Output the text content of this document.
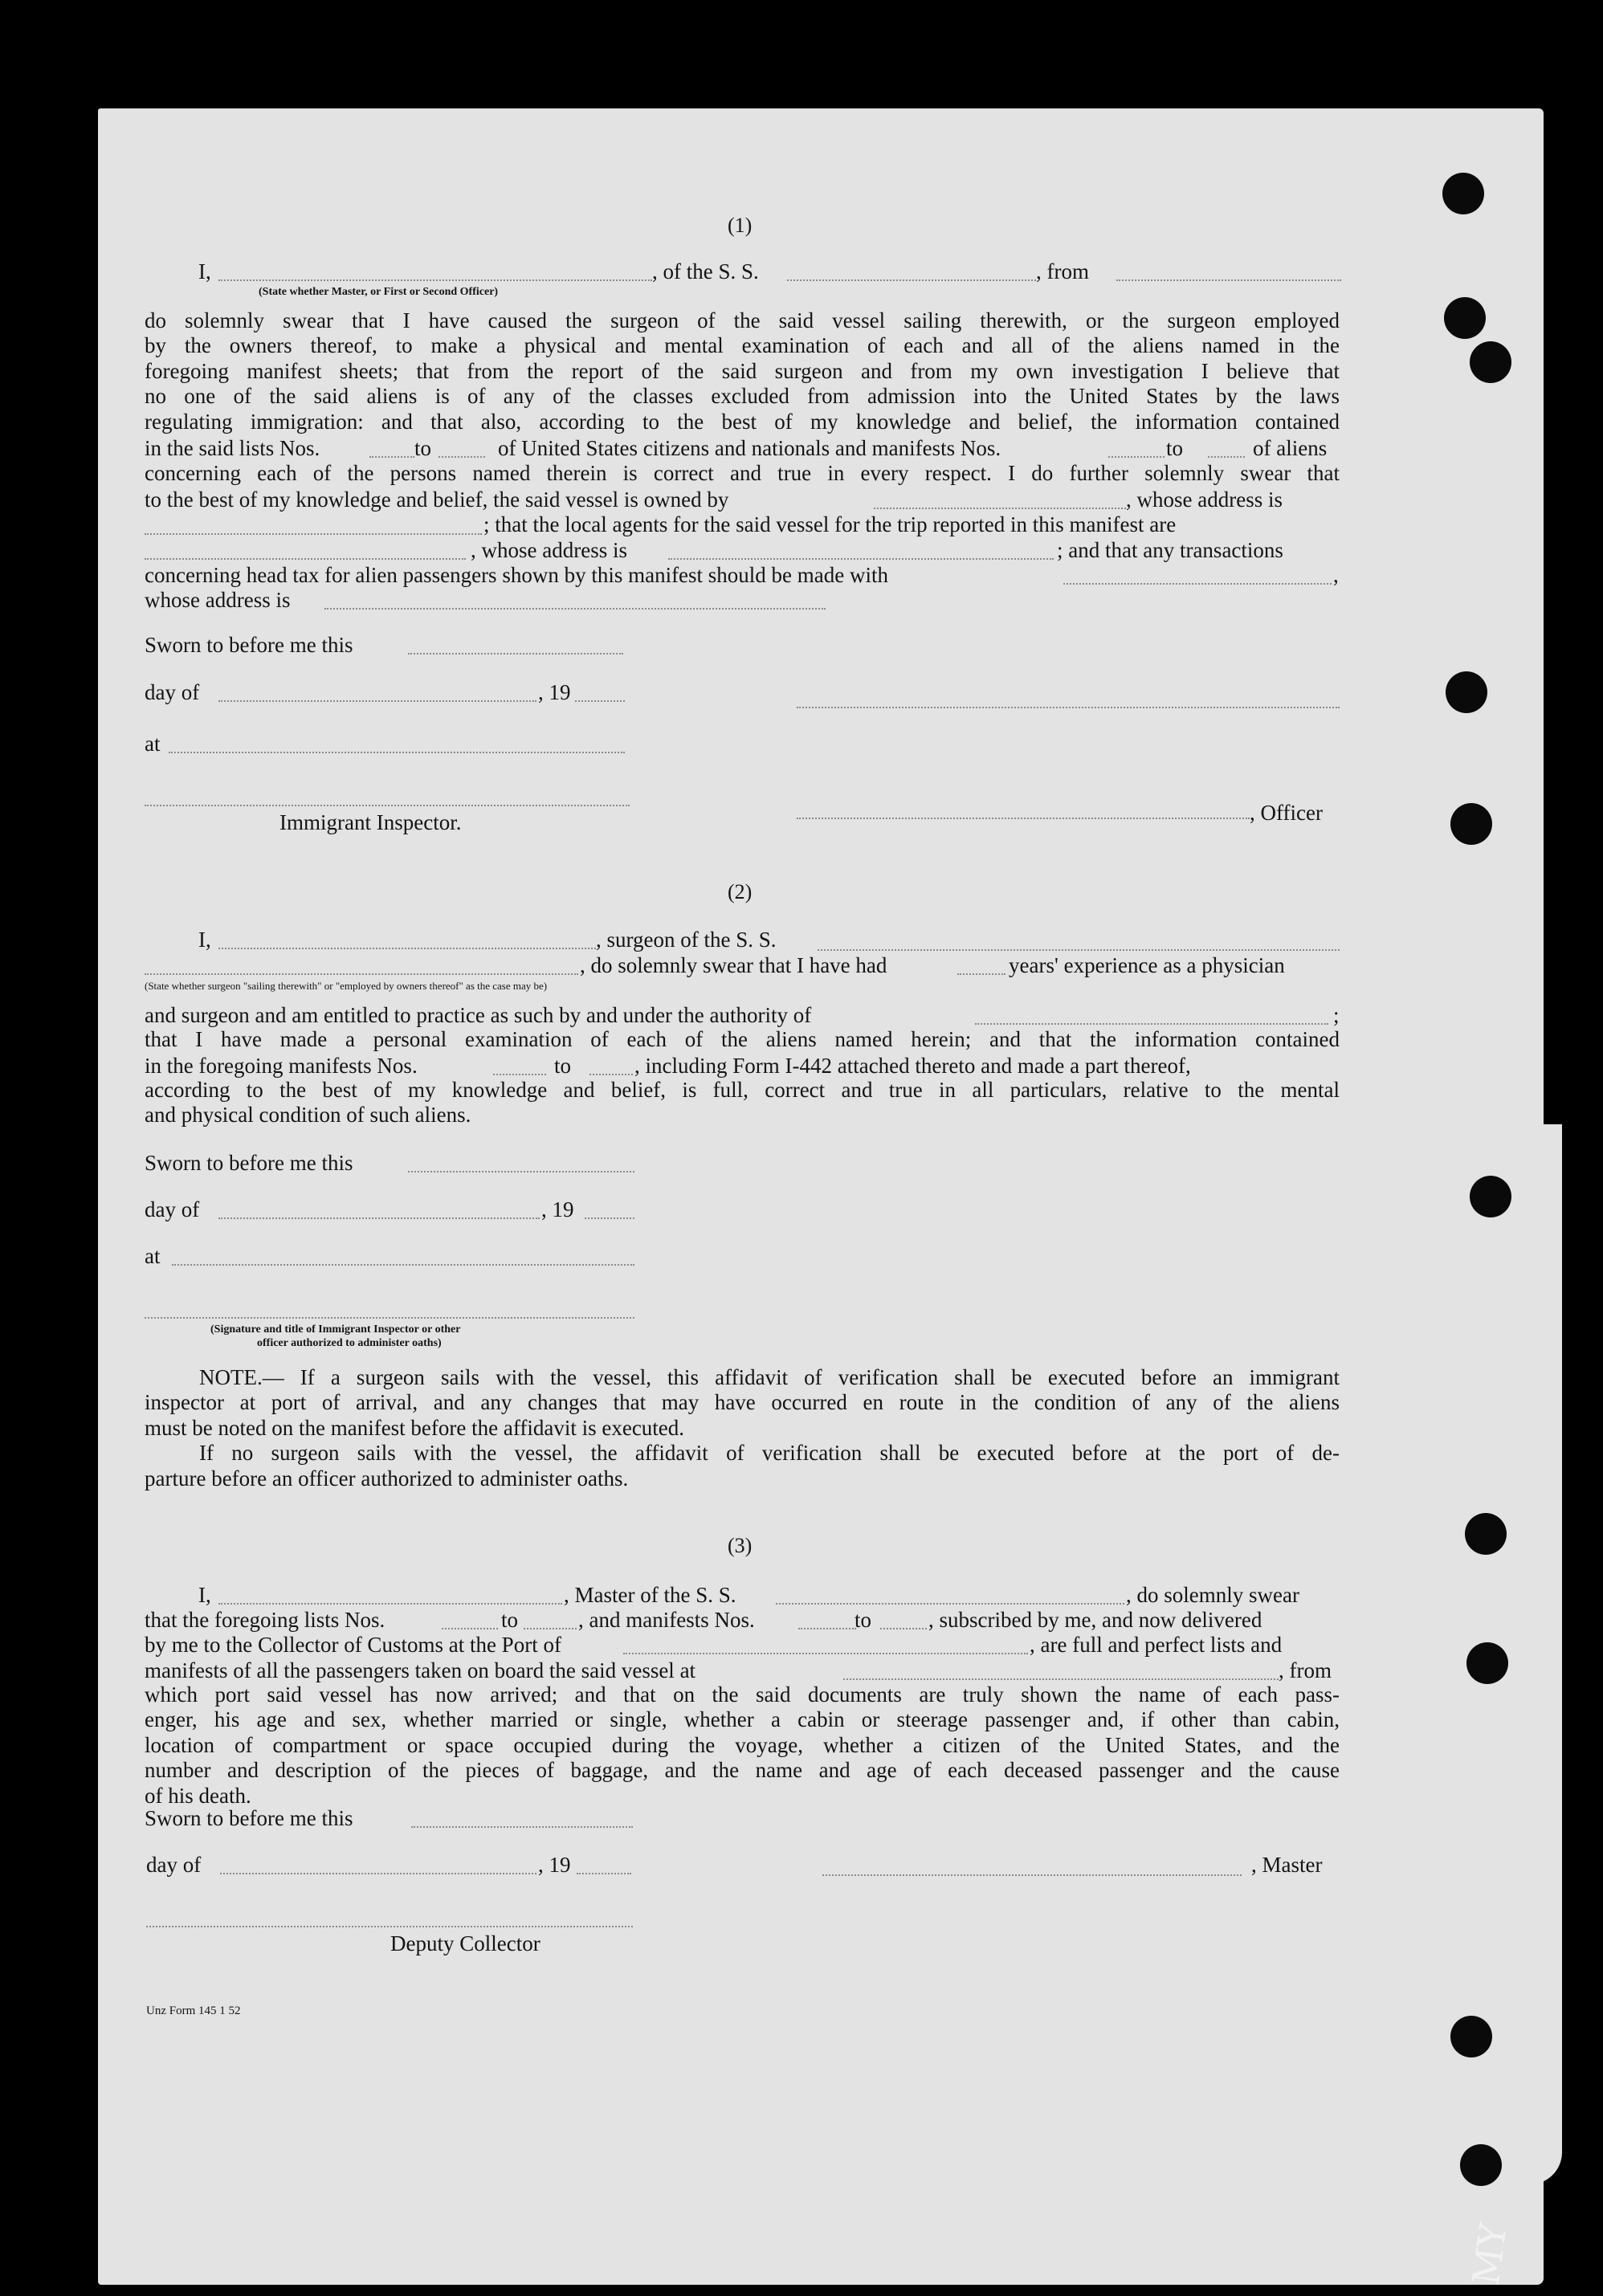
MY
(1)
I,	, of the S. S.	, from
(State whether Master, or First or Second Officer)
do solemnly swear that I have caused the surgeon of the said vessel sailing therewith, or the surgeon employed
by the owners thereof, to make a physical and mental examination of each and all of the aliens named in the
foregoing manifest sheets; that from the report of the said surgeon and from my own investigation I believe that
no one of the said aliens is of any of the classes excluded from admission into the United States by the laws
regulating immigration: and that also, according to the best of my knowledge and belief, the information contained
in the said lists Nos.	to	of United States citizens and nationals and manifests Nos.	to	of aliens
concerning each of the persons named therein is correct and true in every respect. I do further solemnly swear that
to the best of my knowledge and belief, the said vessel is owned by	, whose address is
; that the local agents for the said vessel for the trip reported in this manifest are
, whose address is	; and that any transactions
concerning head tax for alien passengers shown by this manifest should be made with	,
whose address is
Sworn to before me this
day of	, 19
at
, Officer
Immigrant Inspector.
(2)
I,	, surgeon of the S. S.
, do solemnly swear that I have had	years' experience as a physician
(State whether surgeon "sailing therewith" or "employed by owners thereof" as the case may be)
and surgeon and am entitled to practice as such by and under the authority of	;
that I have made a personal examination of each of the aliens named herein; and that the information contained
in the foregoing manifests Nos.	to	, including Form I-442 attached thereto and made a part thereof,
according to the best of my knowledge and belief, is full, correct and true in all particulars, relative to the mental
and physical condition of such aliens.
Sworn to before me this
day of	, 19
at
(Signature and title of Immigrant Inspector or other
officer authorized to administer oaths)
NOTE.— If a surgeon sails with the vessel, this affidavit of verification shall be executed before an immigrant
inspector at port of arrival, and any changes that may have occurred en route in the condition of any of the aliens
must be noted on the manifest before the affidavit is executed.
If no surgeon sails with the vessel, the affidavit of verification shall be executed before at the port of de-
parture before an officer authorized to administer oaths.
(3)
I,	, Master of the S. S.	, do solemnly swear
that the foregoing lists Nos.	to	, and manifests Nos.	to	, subscribed by me, and now delivered
by me to the Collector of Customs at the Port of	, are full and perfect lists and
manifests of all the passengers taken on board the said vessel at	, from
which port said vessel has now arrived; and that on the said documents are truly shown the name of each pass-
enger, his age and sex, whether married or single, whether a cabin or steerage passenger and, if other than cabin,
location of compartment or space occupied during the voyage, whether a citizen of the United States, and the
number and description of the pieces of baggage, and the name and age of each deceased passenger and the cause
of his death.
Sworn to before me this
day of	, 19	, Master
Deputy Collector
Unz Form 145 1 52
